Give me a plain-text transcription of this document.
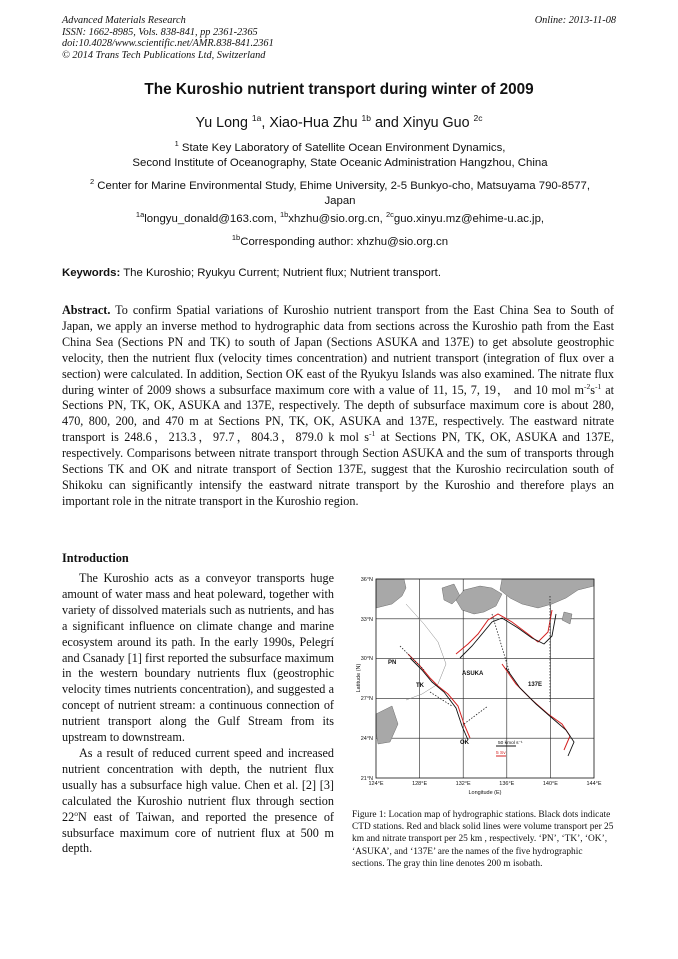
Advanced Materials Research
ISSN: 1662-8985, Vols. 838-841, pp 2361-2365
doi:10.4028/www.scientific.net/AMR.838-841.2361
© 2014 Trans Tech Publications Ltd, Switzerland
Online: 2013-11-08
The Kuroshio nutrient transport during winter of 2009
Yu Long $^{1a}$, Xiao-Hua Zhu $^{1b}$ and Xinyu Guo $^{2c}$
$^1$ State Key Laboratory of Satellite Ocean Environment Dynamics,
Second Institute of Oceanography, State Oceanic Administration Hangzhou, China
$^2$ Center for Marine Environmental Study, Ehime University, 2-5 Bunkyo-cho, Matsuyama 790-8577,
Japan
$^{1a}$longyu_donald@163.com, $^{1b}$xhzhu@sio.org.cn, $^{2c}$guo.xinyu.mz@ehime-u.ac.jp,
$^{1b}$Corresponding author: xhzhu@sio.org.cn
Keywords: The Kuroshio; Ryukyu Current; Nutrient flux; Nutrient transport.
Abstract. To confirm Spatial variations of Kuroshio nutrient transport from the East China Sea to South of Japan, we apply an inverse method to hydrographic data from sections across the Kuroshio path from the East China Sea (Sections PN and TK) to south of Japan (Sections ASUKA and 137E) to get absolute geostrophic velocity, then the nutrient flux (velocity times concentration) and nutrient transport (integration of flux over a section) were calculated. In addition, Section OK east of the Ryukyu Islands was also examined. The nitrate flux during winter of 2009 shows a subsurface maximum core with a value of 11, 15, 7, 19， and 10 mol $m^{-2}s^{-1}$ at Sections PN, TK, OK, ASUKA and 137E, respectively. The depth of subsurface maximum core is about 280, 470, 800, 200, and 470 m at Sections PN, TK, OK, ASUKA and 137E, respectively. The eastward nitrate transport is 248.6，213.3，97.7，804.3，879.0 k mol $s^{-1}$ at Sections PN, TK, OK, ASUKA and 137E, respectively. Comparisons between nitrate transport through Section ASUKA and the sum of transports through Sections TK and OK and nitrate transport of Section 137E, suggest that the Kuroshio recirculation south of Shikoku can significantly intensify the eastward nitrate transport by the Kuroshio and therefore plays an important role in the nitrate transport in the Kuroshio region.
Introduction

The Kuroshio acts as a conveyor transports huge amount of water mass and heat poleward, together with variety of dissolved materials such as nutrients, and has a significant influence on climate change and marine ecosystem around its path. In the early 1990s, Pelegrí and Csanady [1] first reported the subsurface maximum in the western boundary nutrients flux (geostrophic velocity times nutrients concentration), and suggested a concept of nutrient stream: a continuous connection of nutrient transport along the Gulf Stream from its upstream to downstream.

As a result of reduced current speed and increased nutrient concentration with depth, the nutrient flux usually has a subsurface high value. Chen et al. [2] [3] calculated the Kuroshio nutrient flux through section 22$^o$N east of Taiwan, and reported the presence of subsurface maximum core of nutrient flux at 500 m depth.

36°N
33°N
30°N
27°N
24°N
21°N
124°E	128°E	132°E	136°E	140°E	144°E
Longitude (E)
Latitude (N)
PN
TK
ASUKA
137E
OK	50 kmol s⁻¹
5 Sv
Figure 1: Location map of hydrographic stations. Black dots indicate CTD stations. Red and black solid lines were volume transport per 25 km and nitrate transport per 25 km , respectively. ‘PN’, ‘TK’, ‘OK’, ‘ASUKA’, and ‘137E’ are the names of the five hydrographic sections. The gray thin line denotes 200 m isobath.
